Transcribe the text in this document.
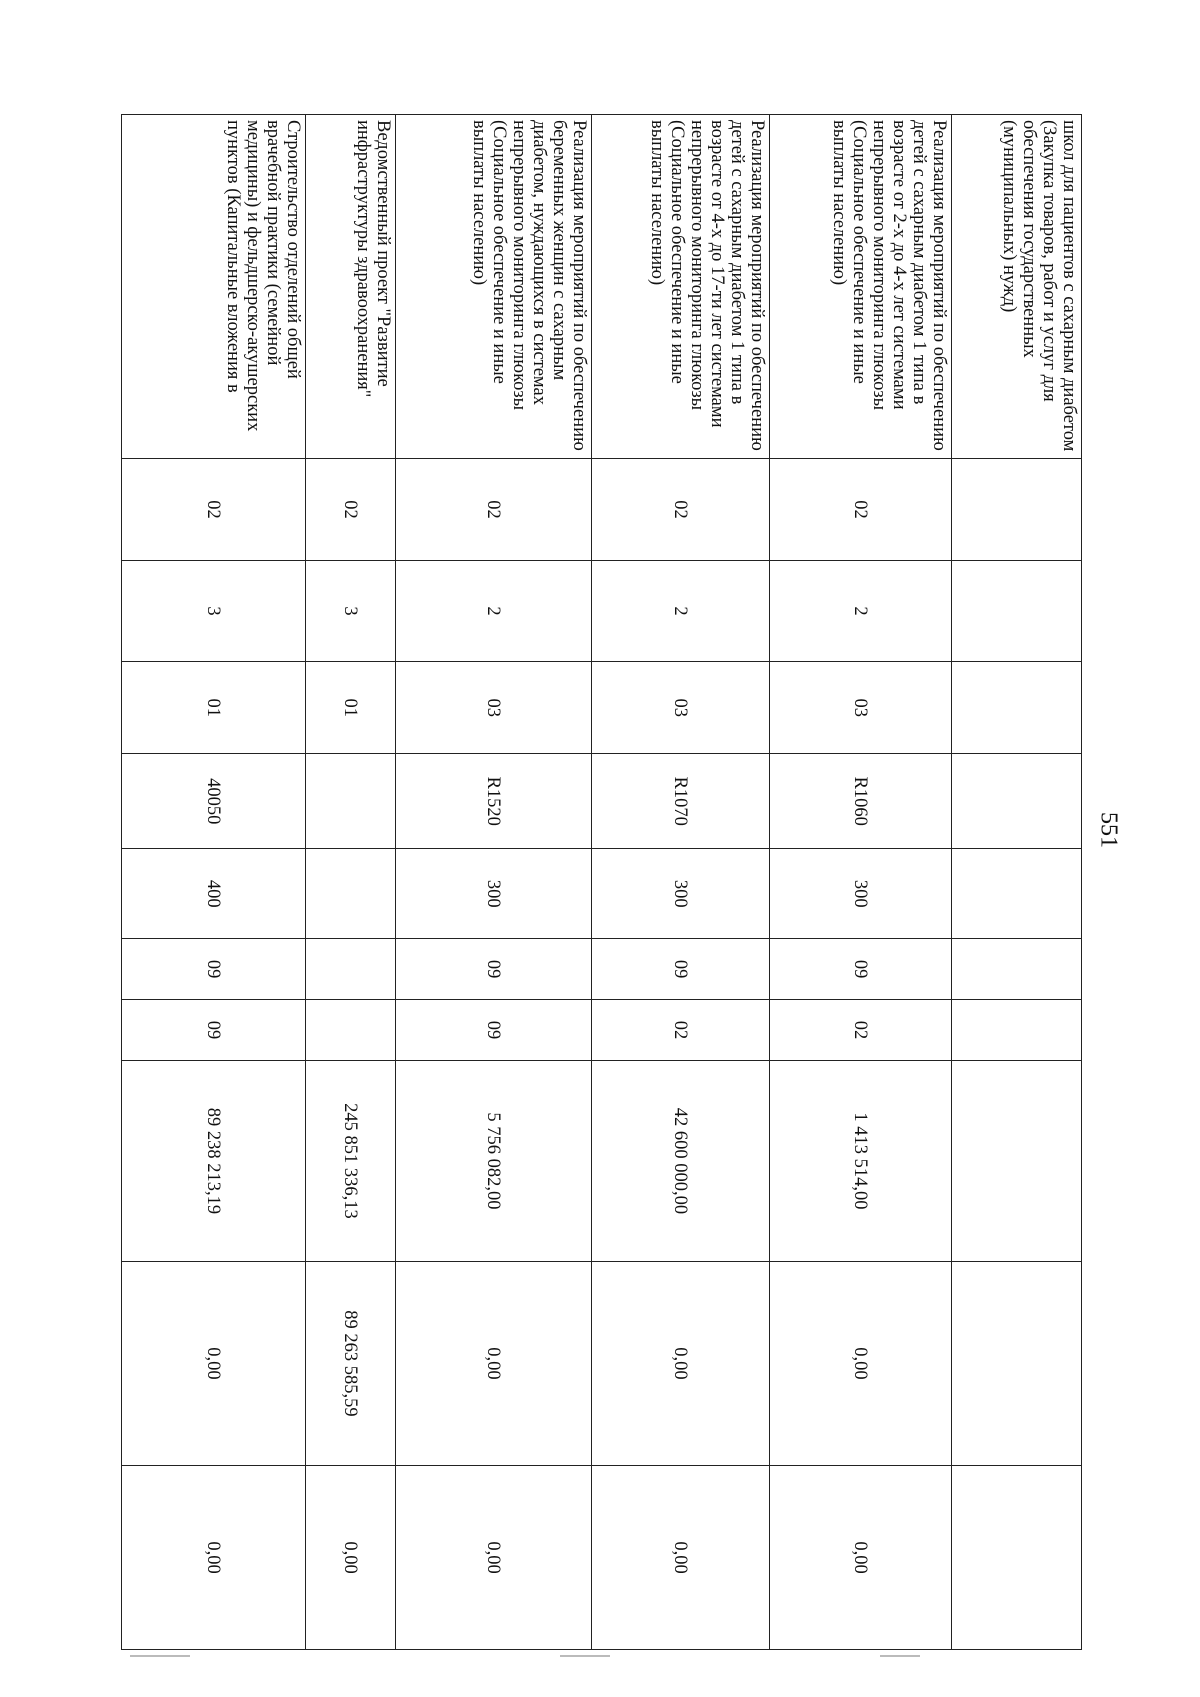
551
школ для пациентов с сахарным диабетом (Закупка товаров, работ и услуг для обеспечения государственных (муниципальных) нужд)										
Реализация мероприятий по обеспечению детей с сахарным диабетом 1 типа в возрасте от 2-х до 4-х лет системами непрерывного мониторинга глюкозы (Социальное обеспечение и иные выплаты населению)	02	2	03	R1060	300	09	02	1 413 514,00	0,00	0,00
Реализация мероприятий по обеспечению детей с сахарным диабетом 1 типа в возрасте от 4-х до 17-ти лет системами непрерывного мониторинга глюкозы (Социальное обеспечение и иные выплаты населению)	02	2	03	R1070	300	09	02	42 600 000,00	0,00	0,00
Реализация мероприятий по обеспечению беременных женщин с сахарным диабетом, нуждающихся в системах непрерывного мониторинга глюкозы (Социальное обеспечение и иные выплаты населению)	02	2	03	R1520	300	09	09	5 756 082,00	0,00	0,00
Ведомственный проект "Развитие инфраструктуры здравоохранения"	02	3	01					245 851 336,13	89 263 585,59	0,00
Строительство отделений общей врачебной практики (семейной медицины) и фельдшерско-акушерских пунктов (Капитальные вложения в	02	3	01	40050	400	09	09	89 238 213,19	0,00	0,00
